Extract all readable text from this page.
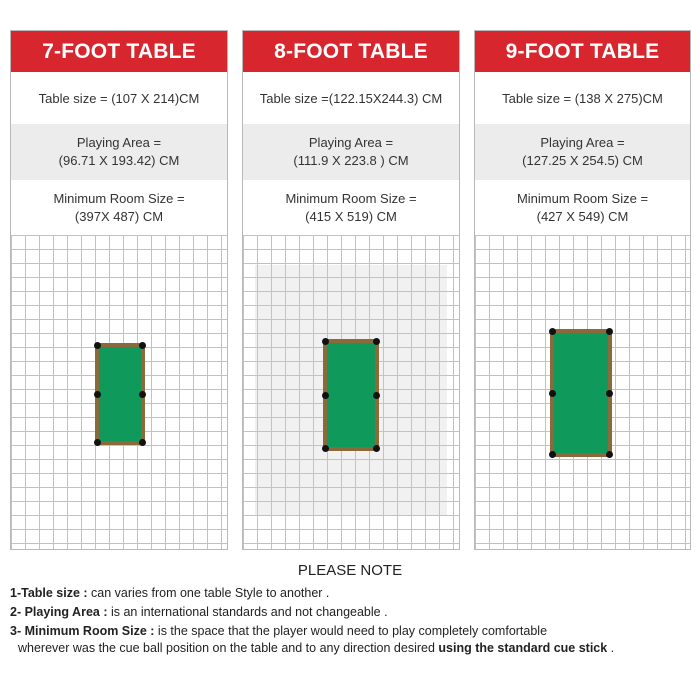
7-FOOT TABLE
Table size = (107 X 214)CM
Playing Area =
(96.71 X 193.42) CM
Minimum Room Size =
(397X 487) CM
8-FOOT TABLE
Table size =(122.15X244.3) CM
Playing Area =
(111.9 X 223.8 ) CM
Minimum Room Size =
(415 X 519) CM
9-FOOT TABLE
Table size = (138 X 275)CM
Playing Area =
(127.25 X 254.5) CM
Minimum Room Size =
(427 X 549) CM
PLEASE NOTE
1-Table size : can varies from one table Style to another .
2- Playing Area : is an international standards and not changeable .
3- Minimum Room Size : is the space that the player would need to play completely comfortable
wherever was the cue ball position on the table and to any direction desired using the standard cue stick .
